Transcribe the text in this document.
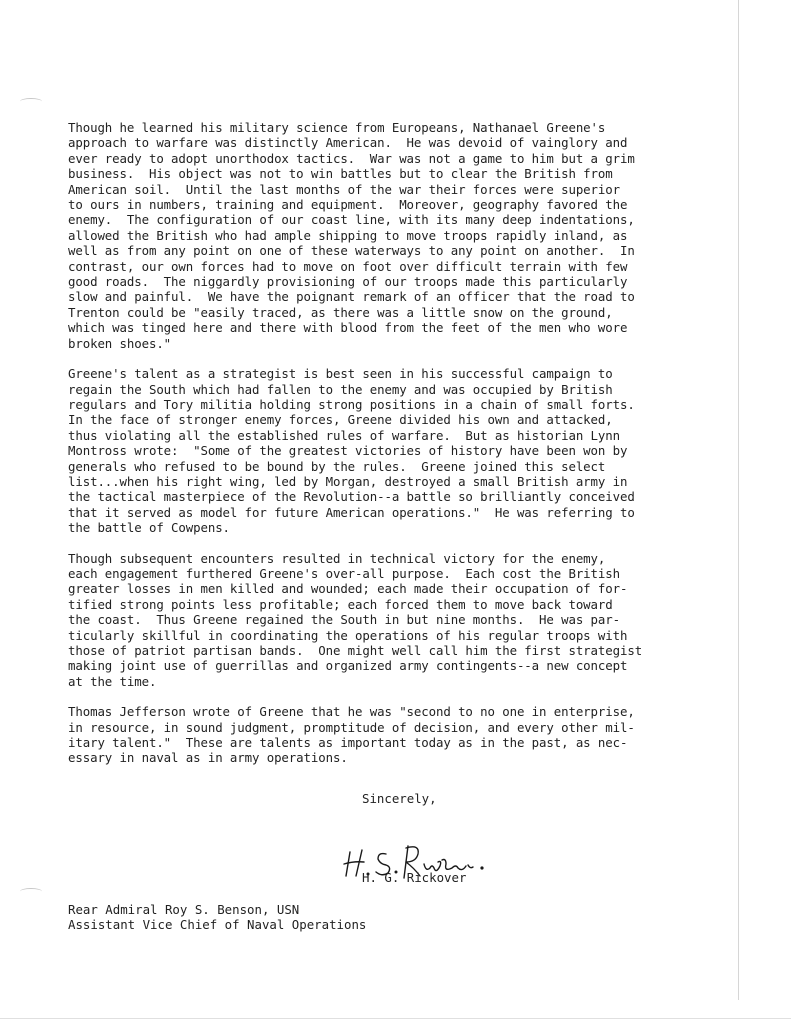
Though he learned his military science from Europeans, Nathanael Greene's
approach to warfare was distinctly American.  He was devoid of vainglory and
ever ready to adopt unorthodox tactics.  War was not a game to him but a grim
business.  His object was not to win battles but to clear the British from
American soil.  Until the last months of the war their forces were superior
to ours in numbers, training and equipment.  Moreover, geography favored the
enemy.  The configuration of our coast line, with its many deep indentations,
allowed the British who had ample shipping to move troops rapidly inland, as
well as from any point on one of these waterways to any point on another.  In
contrast, our own forces had to move on foot over difficult terrain with few
good roads.  The niggardly provisioning of our troops made this particularly
slow and painful.  We have the poignant remark of an officer that the road to
Trenton could be "easily traced, as there was a little snow on the ground,
which was tinged here and there with blood from the feet of the men who wore
broken shoes."
Greene's talent as a strategist is best seen in his successful campaign to
regain the South which had fallen to the enemy and was occupied by British
regulars and Tory militia holding strong positions in a chain of small forts.
In the face of stronger enemy forces, Greene divided his own and attacked,
thus violating all the established rules of warfare.  But as historian Lynn
Montross wrote:  "Some of the greatest victories of history have been won by
generals who refused to be bound by the rules.  Greene joined this select
list...when his right wing, led by Morgan, destroyed a small British army in
the tactical masterpiece of the Revolution--a battle so brilliantly conceived
that it served as model for future American operations."  He was referring to
the battle of Cowpens.
Though subsequent encounters resulted in technical victory for the enemy,
each engagement furthered Greene's over-all purpose.  Each cost the British
greater losses in men killed and wounded; each made their occupation of for-
tified strong points less profitable; each forced them to move back toward
the coast.  Thus Greene regained the South in but nine months.  He was par-
ticularly skillful in coordinating the operations of his regular troops with
those of patriot partisan bands.  One might well call him the first strategist
making joint use of guerrillas and organized army contingents--a new concept
at the time.
Thomas Jefferson wrote of Greene that he was "second to no one in enterprise,
in resource, in sound judgment, promptitude of decision, and every other mil-
itary talent."  These are talents as important today as in the past, as nec-
essary in naval as in army operations.
Sincerely,
H. G. Rickover
Rear Admiral Roy S. Benson, USN
Assistant Vice Chief of Naval Operations
